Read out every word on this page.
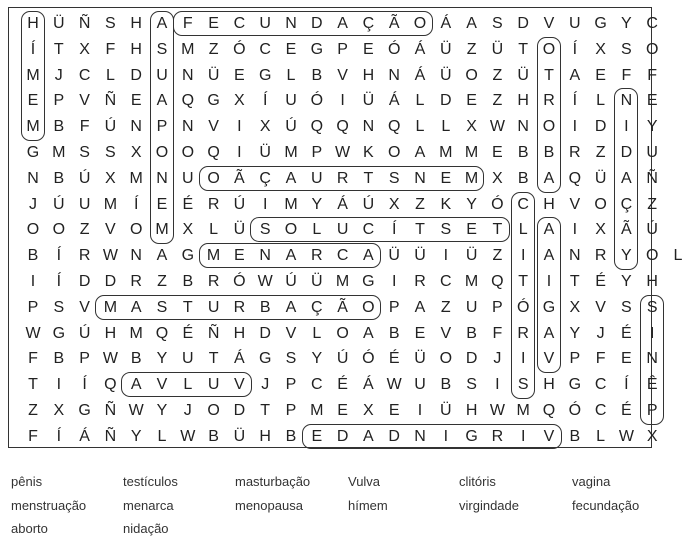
H Ü Ñ S H A F E C U N D A Ç Ã O Á A S D V U G Y C
Í	T X F H S M Z Ó C E G P E Ó Á Ü Z Ü T O	Í	X S O
M J	C L D U N Ü E G L	B V H N Á Ü O Z Ü T A E F	F
E P V Ñ E A Q G X	Í	U Ó	I	Ü Á	L D E Z H R	Í	L N E
M B F Ú N P N V	I	X Ú Q Q N Q L	L	X W N O	I	D	I	Y
G M S S X O O Q	I	Ü M P W K O A M M E B B R Z D U
N B Ú X M N U O Ã Ç A U R T S N E M X B A Q Ü A Ñ
J	Ú U M	Í	E É R Ú	I	M Y Á Ú X Z K Y Ó C H V O Ç Z
O O Z V O M X	L Ü S O L U C	Í	T S E T	L	A	I	X Ã Ú
B	Í	R W N A G M E N A R C A Ü Ü	I	Ü Z	I	A N R Y O L
I	Í	D D R Z B R Ó W Ú Ü M G	I	R C M Q T	I	T É Y H
P S V M A S T U R B A Ç Ã O P A Z U P Ó G X V S S
W G Ú H M Q É Ñ H D V	L O A B E V B F R A Y	J	É	I
F B P W B Y U T Á G S Y Ú Ó É Ü O D	J	I	V P F E N
T	I	Í	Q A V	L U V	J	P C É Á W U B S	I	S H G C	Í	Ê
Z X G Ñ W Y	J O D T P M E X E	I	Ü H W M Q Ó C É P
F	Í	Á Ñ Y	L W B Ü H B E D A D N	I	G R	I	V B	L W X
pênis	testículos	masturbação	Vulva	clitóris	vagina
menstruação	menarca	menopausa	hímem	virgindade	fecundação
aborto	nidação
